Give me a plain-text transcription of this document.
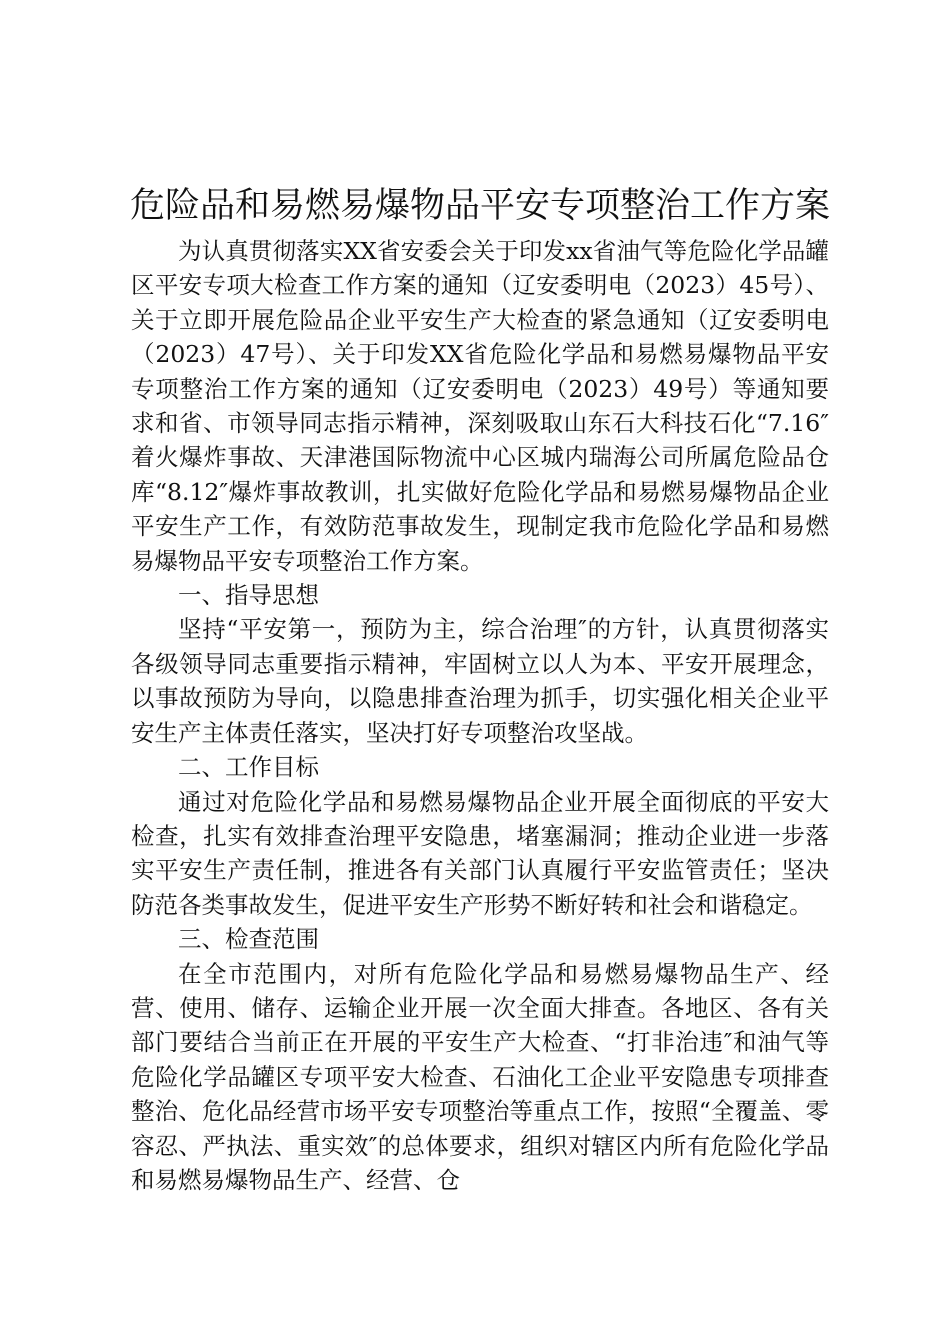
危险品和易燃易爆物品平安专项整治工作方案

为认真贯彻落实XX省安委会关于印发xx省油气等危险化学品罐区平安专项大检查工作方案的通知（辽安委明电（2023）45号）、关于立即开展危险品企业平安生产大检查的紧急通知（辽安委明电（2023）47号）、关于印发XX省危险化学品和易燃易爆物品平安专项整治工作方案的通知（辽安委明电（2023）49号）等通知要求和省、市领导同志指示精神，深刻吸取山东石大科技石化“7.16″着火爆炸事故、天津港国际物流中心区城内瑞海公司所属危险品仓库“8.12″爆炸事故教训，扎实做好危险化学品和易燃易爆物品企业平安生产工作，有效防范事故发生，现制定我市危险化学品和易燃易爆物品平安专项整治工作方案。

一、指导思想

坚持“平安第一，预防为主，综合治理″的方针，认真贯彻落实各级领导同志重要指示精神，牢固树立以人为本、平安开展理念，以事故预防为导向，以隐患排查治理为抓手，切实强化相关企业平安生产主体责任落实，坚决打好专项整治攻坚战。

二、工作目标

通过对危险化学品和易燃易爆物品企业开展全面彻底的平安大检查，扎实有效排查治理平安隐患，堵塞漏洞；推动企业进一步落实平安生产责任制，推进各有关部门认真履行平安监管责任；坚决防范各类事故发生，促进平安生产形势不断好转和社会和谐稳定。

三、检查范围

在全市范围内，对所有危险化学品和易燃易爆物品生产、经营、使用、储存、运输企业开展一次全面大排查。各地区、各有关部门要结合当前正在开展的平安生产大检查、“打非治违″和油气等危险化学品罐区专项平安大检查、石油化工企业平安隐患专项排查整治、危化品经营市场平安专项整治等重点工作，按照“全覆盖、零容忍、严执法、重实效″的总体要求，组织对辖区内所有危险化学品和易燃易爆物品生产、经营、仓
